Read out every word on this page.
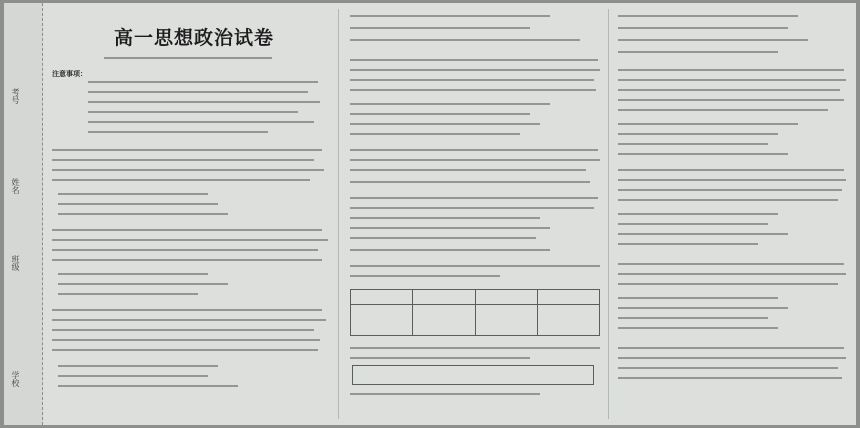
考号
姓名
班级
学校
高一思想政治试卷
注意事项：
